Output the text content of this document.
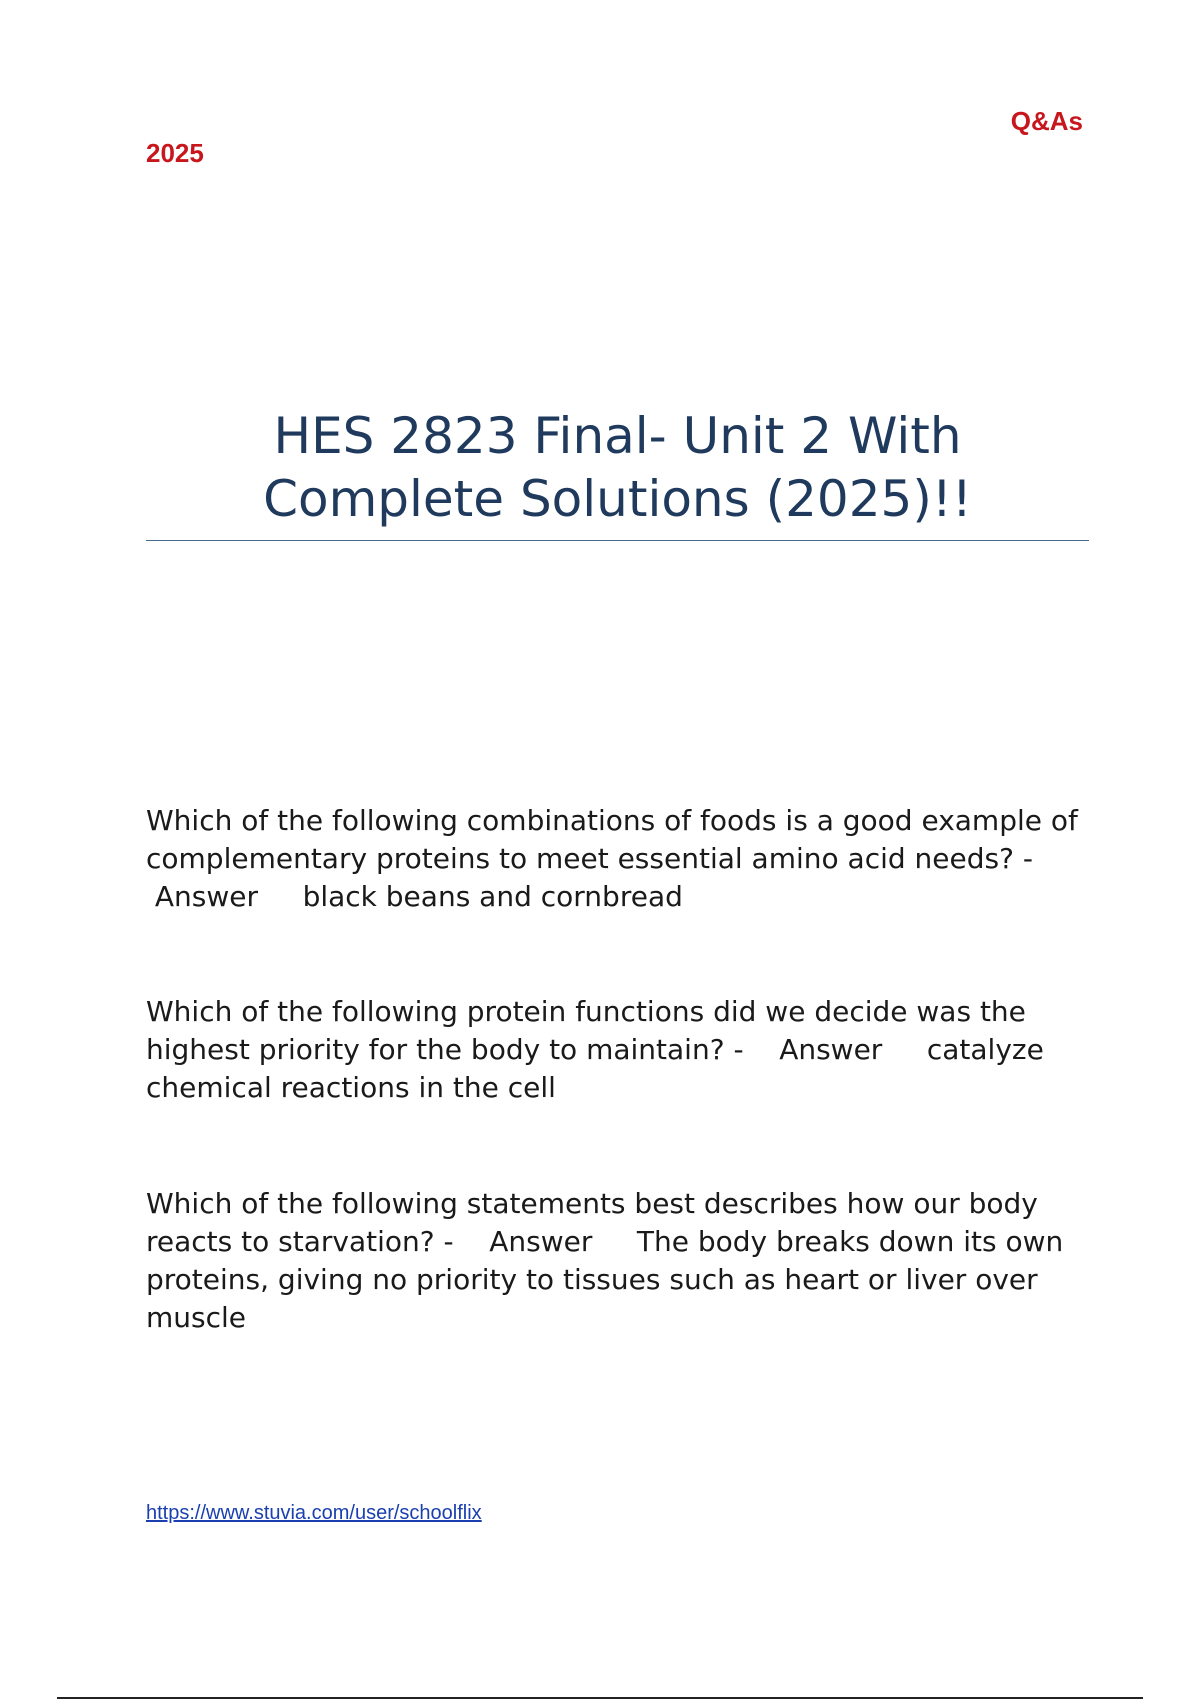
Q&As
2025
HES 2823 Final- Unit 2 With
Complete Solutions (2025)!!
Which of the following combinations of foods is a good example of complementary proteins to meet essential amino acid needs? -  Answer black beans and cornbread
Which of the following protein functions did we decide was the highest priority for the body to maintain? - Answer catalyze chemical reactions in the cell
Which of the following statements best describes how our body reacts to starvation? - Answer The body breaks down its own proteins, giving no priority to tissues such as heart or liver over muscle
https://www.stuvia.com/user/schoolflix
